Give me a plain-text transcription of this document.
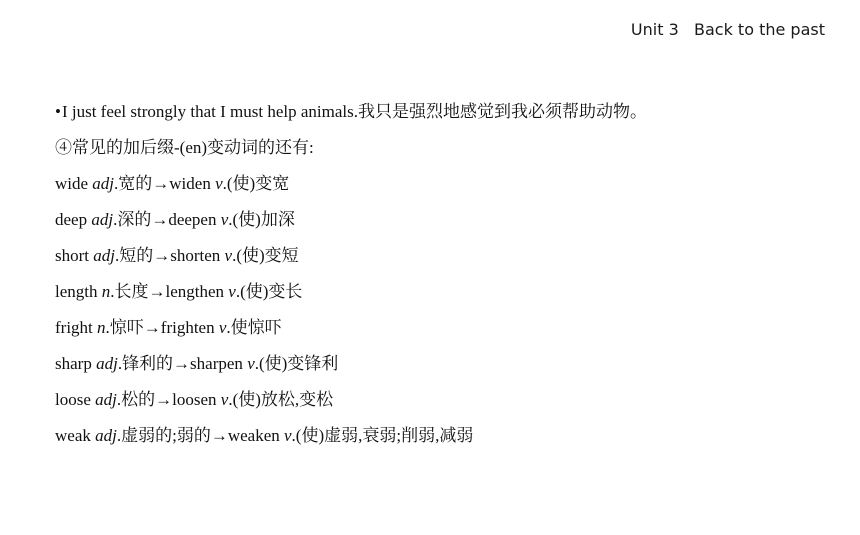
Unit 3   Back to the past
•I just feel strongly that I must help animals.我只是强烈地感觉到我必须帮助动物。
④常见的加后缀-(en)变动词的还有:
wide adj.宽的→widen v.(使)变宽
deep adj.深的→deepen v.(使)加深
short adj.短的→shorten v.(使)变短
length n.长度→lengthen v.(使)变长
fright n.惊吓→frighten v.使惊吓
sharp adj.锋利的→sharpen v.(使)变锋利
loose adj.松的→loosen v.(使)放松,变松
weak adj.虚弱的;弱的→weaken v.(使)虚弱,衰弱;削弱,减弱
